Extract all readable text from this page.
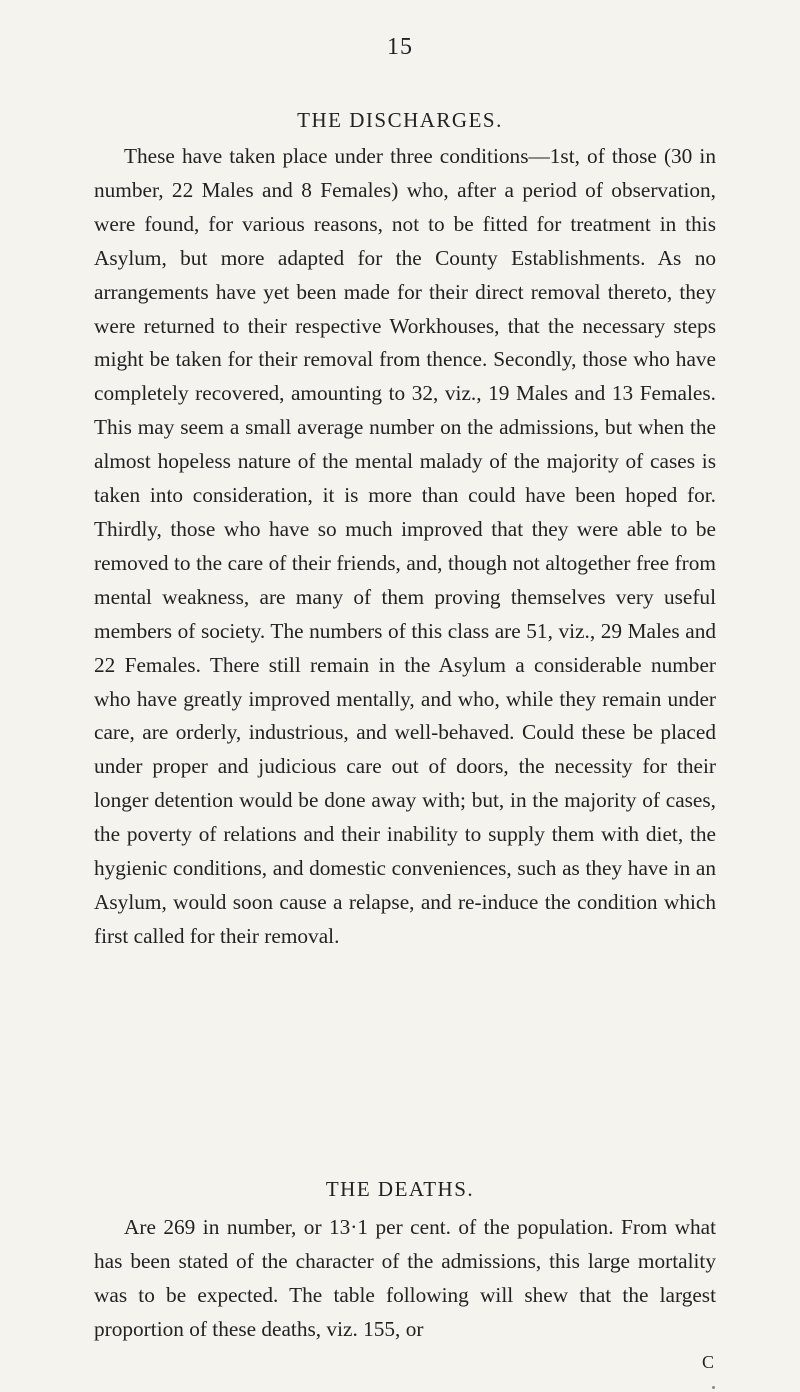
15
THE DISCHARGES.

These have taken place under three conditions—1st, of those (30 in number, 22 Males and 8 Females) who, after a period of observation, were found, for various reasons, not to be fitted for treatment in this Asylum, but more adapted for the County Establishments. As no arrangements have yet been made for their direct removal thereto, they were returned to their respective Workhouses, that the necessary steps might be taken for their removal from thence. Secondly, those who have completely recovered, amounting to 32, viz., 19 Males and 13 Females. This may seem a small average number on the admissions, but when the almost hopeless nature of the mental malady of the majority of cases is taken into consideration, it is more than could have been hoped for. Thirdly, those who have so much improved that they were able to be removed to the care of their friends, and, though not altogether free from mental weakness, are many of them proving themselves very useful members of society. The numbers of this class are 51, viz., 29 Males and 22 Females. There still remain in the Asylum a considerable number who have greatly improved mentally, and who, while they remain under care, are orderly, industrious, and well-behaved. Could these be placed under proper and judicious care out of doors, the necessity for their longer detention would be done away with; but, in the majority of cases, the poverty of relations and their inability to supply them with diet, the hygienic conditions, and domestic conveniences, such as they have in an Asylum, would soon cause a relapse, and re-induce the condition which first called for their removal.

THE DEATHS.

Are 269 in number, or 13·1 per cent. of the population. From what has been stated of the character of the admissions, this large mortality was to be expected. The table following will shew that the largest proportion of these deaths, viz. 155, or

C
